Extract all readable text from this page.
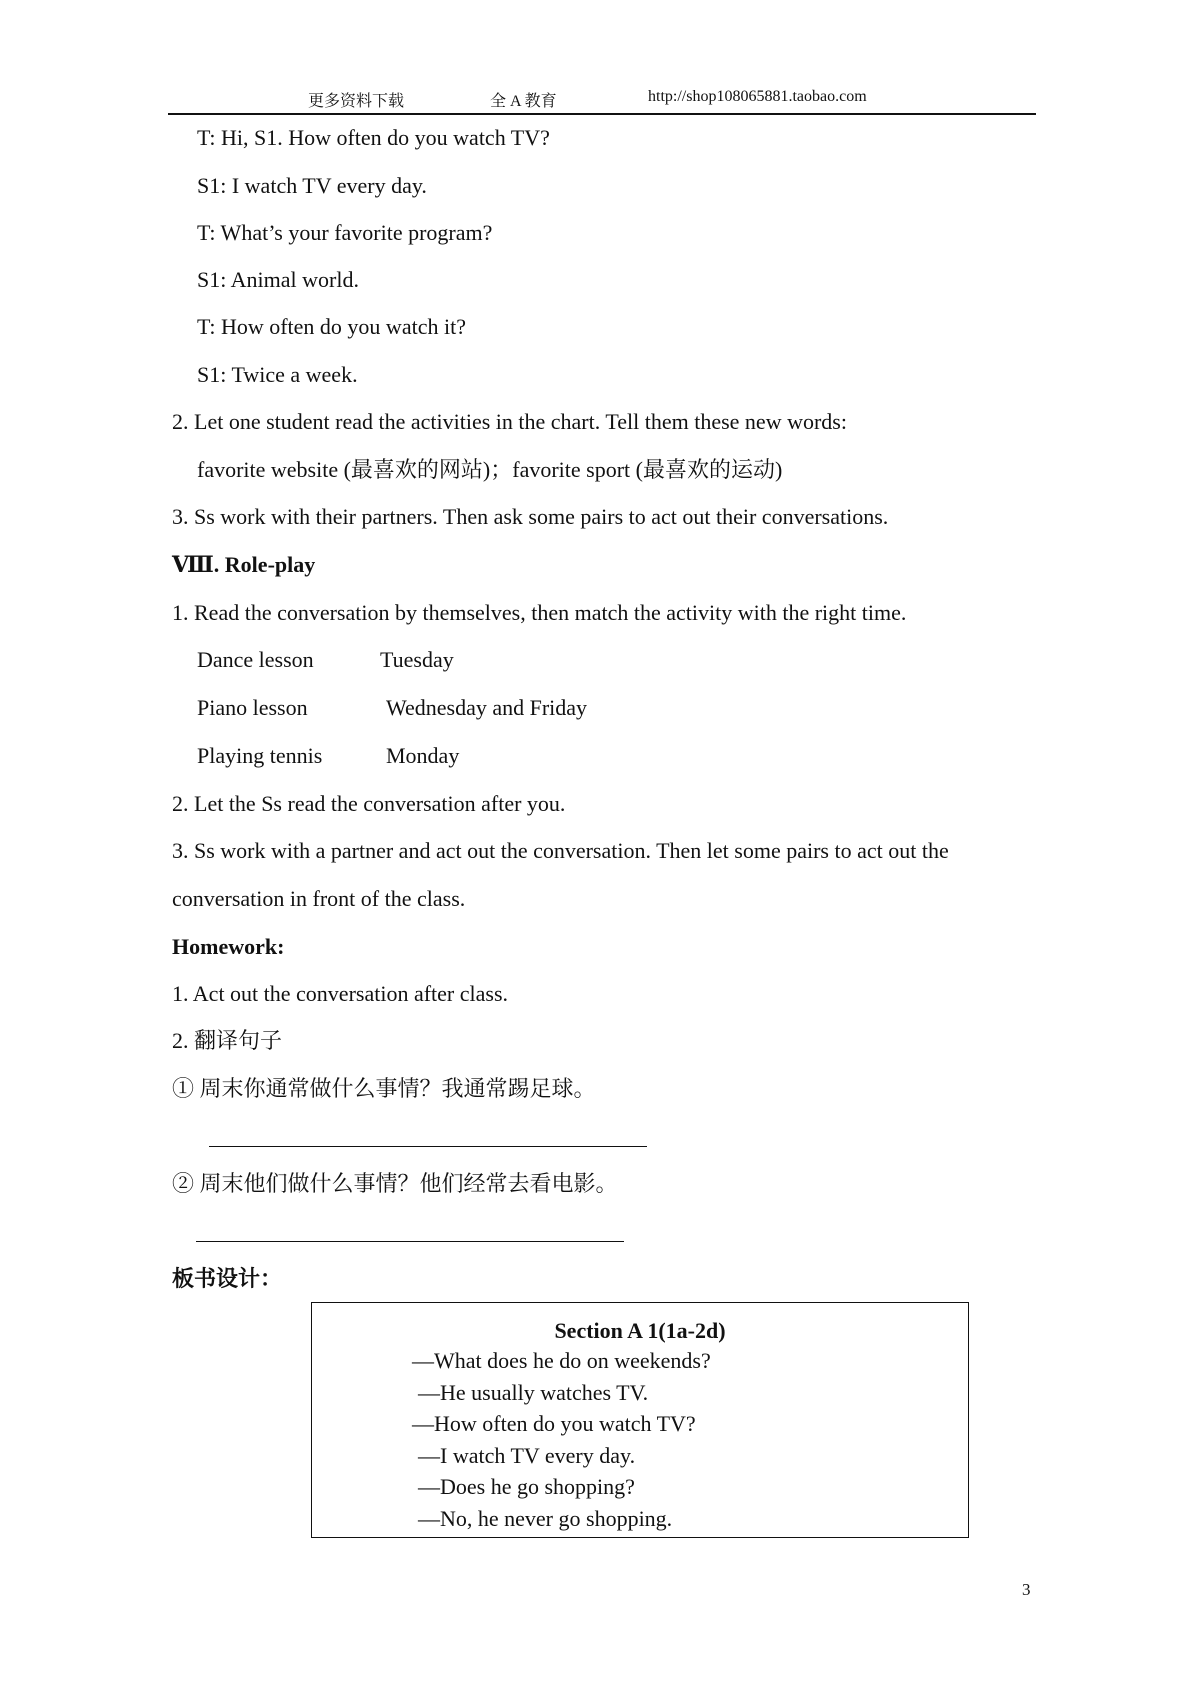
更多资料下载	全 A 教育	http://shop108065881.taobao.com
T: Hi, S1. How often do you watch TV?
S1: I watch TV every day.
T: What’s your favorite program?
S1: Animal world.
T: How often do you watch it?
S1: Twice a week.
2. Let one student read the activities in the chart. Tell them these new words:
favorite website (最喜欢的网站)；favorite sport (最喜欢的运动)
3. Ss work with their partners. Then ask some pairs to act out their conversations.
Ⅷ. Role-play
1. Read the conversation by themselves, then match the activity with the right time.
Dance lesson	Tuesday
Piano lesson	Wednesday and Friday
Playing tennis	Monday
2. Let the Ss read the conversation after you.
3. Ss work with a partner and act out the conversation. Then let some pairs to act out the
conversation in front of the class.
Homework:
1. Act out the conversation after class.
2. 翻译句子
① 周末你通常做什么事情？我通常踢足球。
② 周末他们做什么事情？他们经常去看电影。
板书设计：
Section A 1(1a-2d)
—What does he do on weekends?
—He usually watches TV.
—How often do you watch TV?
—I watch TV every day.
—Does he go shopping?
—No, he never go shopping.
3
